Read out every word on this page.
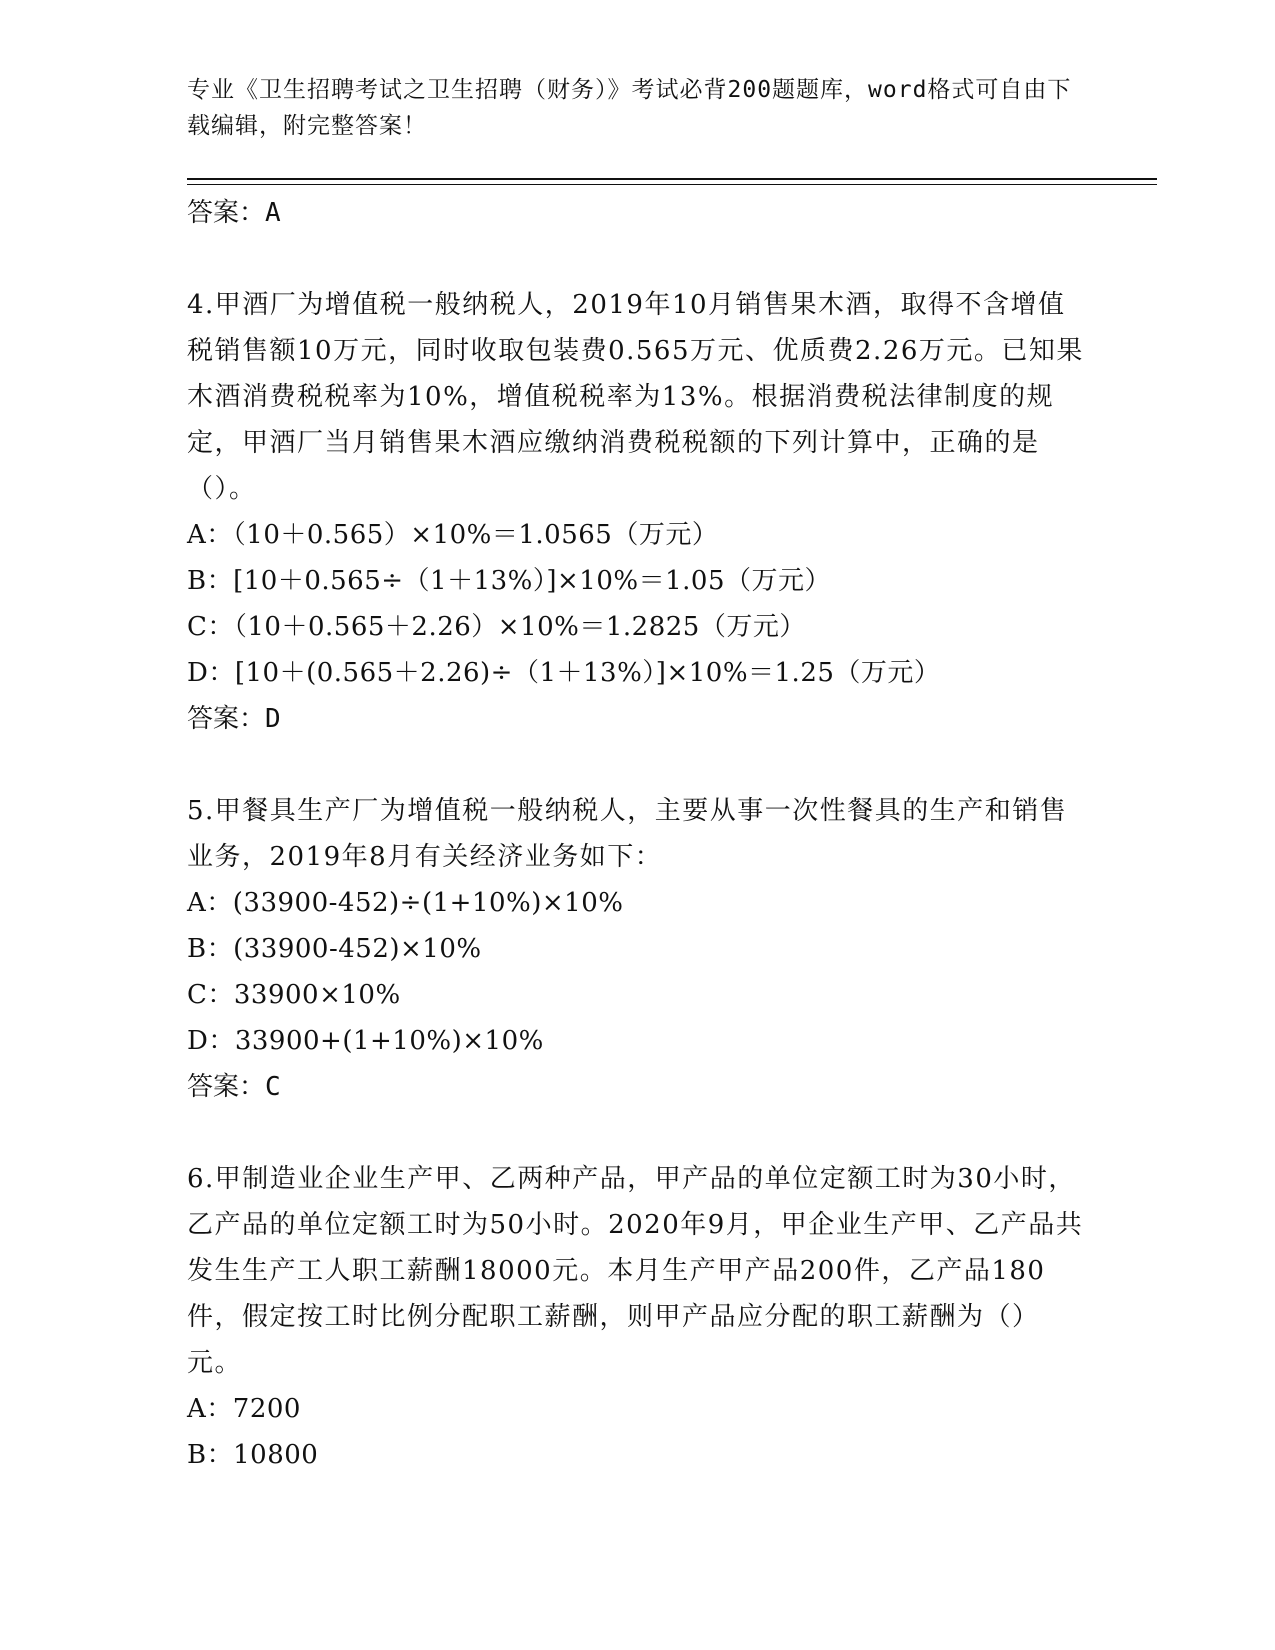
专业《卫生招聘考试之卫生招聘（财务）》考试必背200题题库，word格式可自由下载编辑，附完整答案！

答案：A

4.甲酒厂为增值税一般纳税人，2019年10月销售果木酒，取得不含增值税销售额10万元，同时收取包装费0.565万元、优质费2.26万元。已知果木酒消费税税率为10%，增值税税率为13%。根据消费税法律制度的规定，甲酒厂当月销售果木酒应缴纳消费税税额的下列计算中，正确的是（）。

A：（10＋0.565）×10%＝1.0565（万元）

B：[10＋0.565÷（1＋13%）]×10%＝1.05（万元）

C：（10＋0.565＋2.26）×10%＝1.2825（万元）

D：[10＋(0.565＋2.26)÷（1＋13%）]×10%＝1.25（万元）

答案：D

5.甲餐具生产厂为增值税一般纳税人，主要从事一次性餐具的生产和销售业务，2019年8月有关经济业务如下：

A：(33900-452)÷(1+10%)×10%

B：(33900-452)×10%

C：33900×10%

D：33900+(1+10%)×10%

答案：C

6.甲制造业企业生产甲、乙两种产品，甲产品的单位定额工时为30小时，乙产品的单位定额工时为50小时。2020年9月，甲企业生产甲、乙产品共发生生产工人职工薪酬18000元。本月生产甲产品200件，乙产品180件，假定按工时比例分配职工薪酬，则甲产品应分配的职工薪酬为（）元。

A：7200

B：10800
